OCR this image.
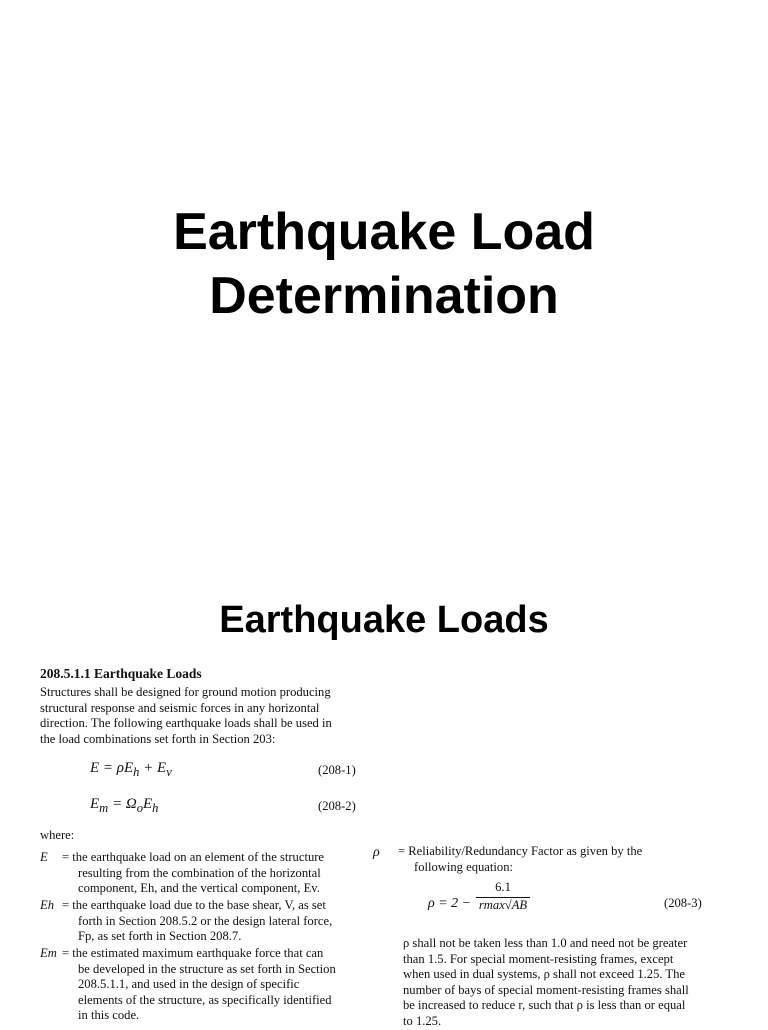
Earthquake Load
Determination
Earthquake Loads
208.5.1.1 Earthquake Loads
Structures shall be designed for ground motion producing
structural response and seismic forces in any horizontal
direction. The following earthquake loads shall be used in
the load combinations set forth in Section 203:
$E = \rho E_h + E_v$	(208-1)
$E_m = \Omega_oE_h$	(208-2)
where:
E = the earthquake load on an element of the structure
resulting from the combination of the horizontal
component, Eh, and the vertical component, Ev.
Eh = the earthquake load due to the base shear, V, as set
forth in Section 208.5.2 or the design lateral force,
Fp, as set forth in Section 208.7.
Em = the estimated maximum earthquake force that can
be developed in the structure as set forth in Section
208.5.1.1, and used in the design of specific
elements of the structure, as specifically identified
in this code.
ρ = Reliability/Redundancy Factor as given by the
following equation:
ρ = 2 −
6.1
rmax√AB	(208-3)
ρ shall not be taken less than 1.0 and need not be greater
than 1.5. For special moment-resisting frames, except
when used in dual systems, ρ shall not exceed 1.25. The
number of bays of special moment-resisting frames shall
be increased to reduce r, such that ρ is less than or equal
to 1.25.
